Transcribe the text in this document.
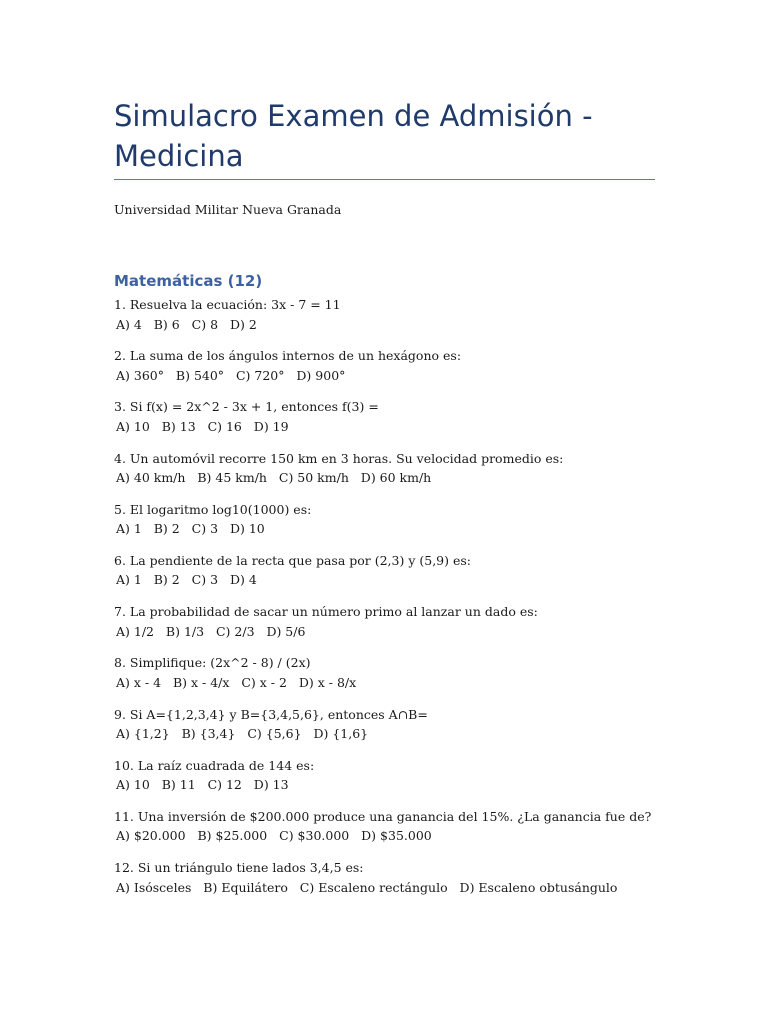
Simulacro Examen de Admisión - Medicina
Universidad Militar Nueva Granada
Matemáticas (12)
1. Resuelva la ecuación: 3x - 7 = 11
A) 4   B) 6   C) 8   D) 2
2. La suma de los ángulos internos de un hexágono es:
A) 360°   B) 540°   C) 720°   D) 900°
3. Si f(x) = 2x^2 - 3x + 1, entonces f(3) =
A) 10   B) 13   C) 16   D) 19
4. Un automóvil recorre 150 km en 3 horas. Su velocidad promedio es:
A) 40 km/h   B) 45 km/h   C) 50 km/h   D) 60 km/h
5. El logaritmo log10(1000) es:
A) 1   B) 2   C) 3   D) 10
6. La pendiente de la recta que pasa por (2,3) y (5,9) es:
A) 1   B) 2   C) 3   D) 4
7. La probabilidad de sacar un número primo al lanzar un dado es:
A) 1/2   B) 1/3   C) 2/3   D) 5/6
8. Simplifique: (2x^2 - 8) / (2x)
A) x - 4   B) x - 4/x   C) x - 2   D) x - 8/x
9. Si A={1,2,3,4} y B={3,4,5,6}, entonces A∩B=
A) {1,2}   B) {3,4}   C) {5,6}   D) {1,6}
10. La raíz cuadrada de 144 es:
A) 10   B) 11   C) 12   D) 13
11. Una inversión de $200.000 produce una ganancia del 15%. ¿La ganancia fue de?
A) $20.000   B) $25.000   C) $30.000   D) $35.000
12. Si un triángulo tiene lados 3,4,5 es:
A) Isósceles   B) Equilátero   C) Escaleno rectángulo   D) Escaleno obtusángulo
